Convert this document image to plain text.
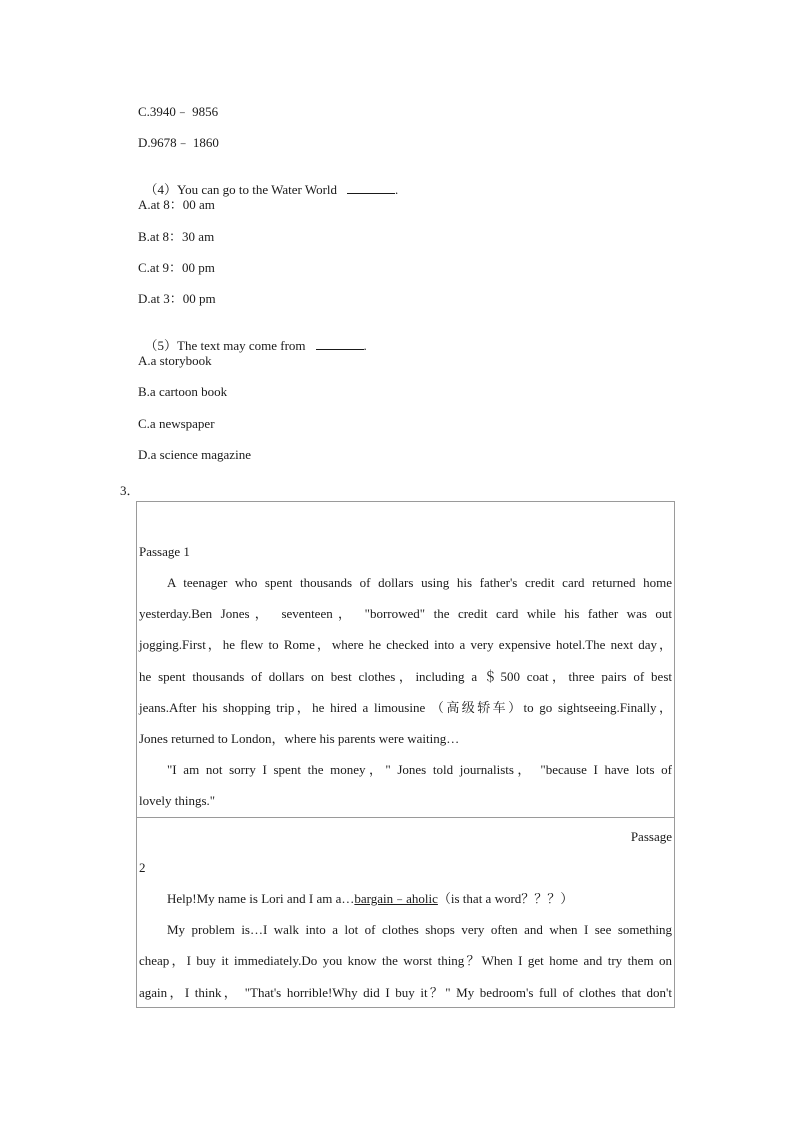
C.3940﹣ 9856
D.9678﹣ 1860

（4）You can go to the Water World	.

A.at 8：00 am
B.at 8：30 am
C.at 9：00 pm
D.at 3：00 pm

（5）The text may come from	.

A.a storybook
B.a cartoon book
C.a newspaper
D.a science magazine
3．
Passage 1
A teenager who spent thousands of dollars using his father's credit card returned home
yesterday.Ben Jones， seventeen， "borrowed" the credit card while his father was out
jogging.First，he flew to Rome，where he checked into a very expensive hotel.The next day，
he spent thousands of dollars on best clothes，including a ＄500 coat，three pairs of best
jeans.After his shopping trip，he hired a limousine （高级轿车）to go sightseeing.Finally，
Jones returned to London，where his parents were waiting…
"I am not sorry I spent the money，" Jones told journalists， "because I have lots of
lovely things."
Passage
2
Help!My name is Lori and I am a…bargain﹣aholic（is that a word？？？）
My problem is…I walk into a lot of clothes shops very often and when I see something
cheap，I buy it immediately.Do you know the worst thing？When I get home and try them on
again，I think， "That's horrible!Why did I buy it？" My bedroom's full of clothes that don't
